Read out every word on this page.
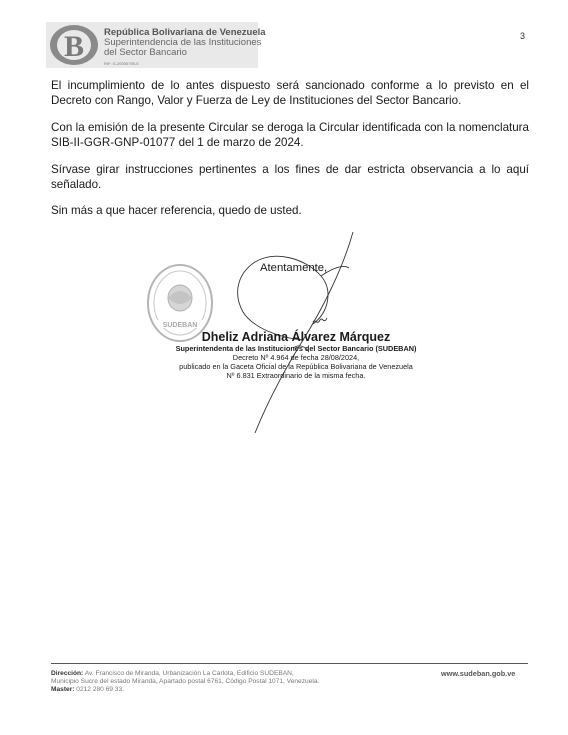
B República Bolivariana de Venezuela
Superintendencia de las Instituciones
del Sector Bancario
RIF: G-20005795-5
3

El incumplimiento de lo antes dispuesto será sancionado conforme a lo previsto en el Decreto con Rango, Valor y Fuerza de Ley de Instituciones del Sector Bancario.

Con la emisión de la presente Circular se deroga la Circular identificada con la nomenclatura SIB-II-GGR-GNP-01077 del 1 de marzo de 2024.

Sírvase girar instrucciones pertinentes a los fines de dar estricta observancia a lo aquí señalado.

Sin más a que hacer referencia, quedo de usted.

SUDEBAN
Atentamente,
Dheliz Adriana Álvarez Márquez
Superintendenta de las Instituciones del Sector Bancario (SUDEBAN)
Decreto Nº 4.964 de fecha 28/08/2024,
publicado en la Gaceta Oficial de la República Bolivariana de Venezuela
Nº 6.831 Extraordinario de la misma fecha.
Dirección: Av. Francisco de Miranda, Urbanización La Carlota, Edificio SUDEBAN,
Municipio Sucre del estado Miranda, Apartado postal 6761, Código Postal 1071, Venezuela.
Master: 0212 280 69 33.
www.sudeban.gob.ve
